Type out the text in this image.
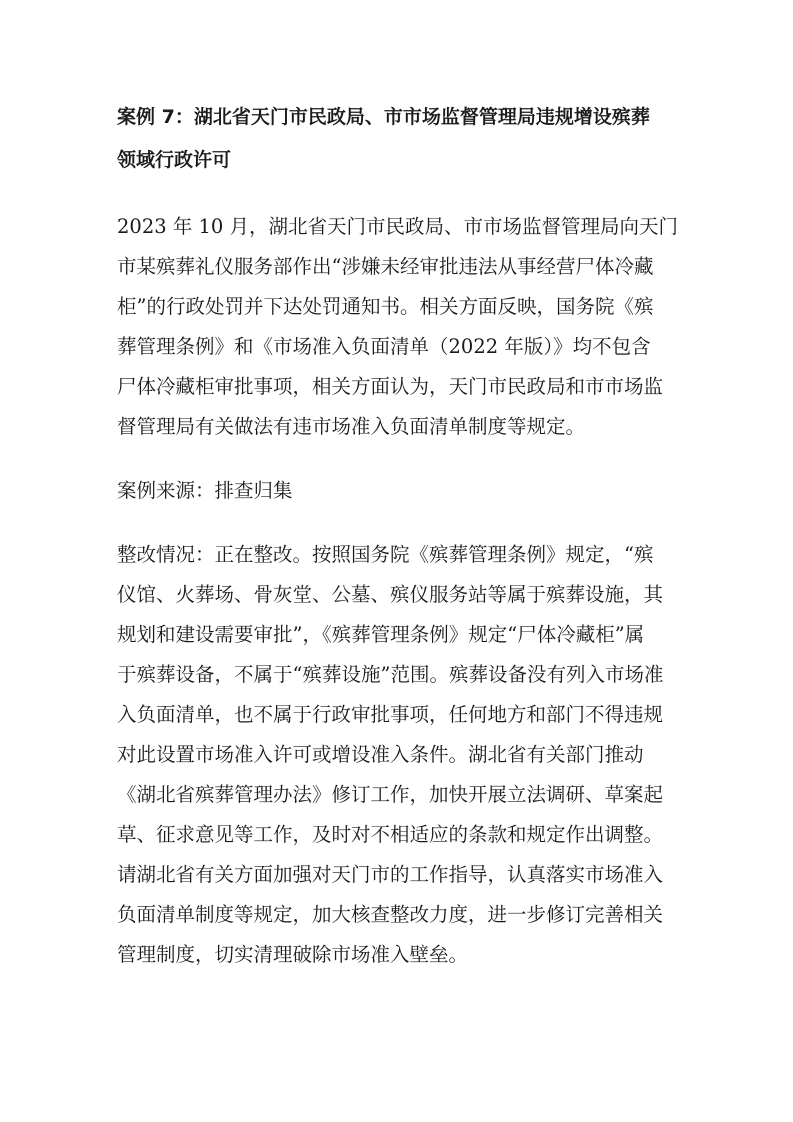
案例 7：湖北省天门市民政局、市市场监督管理局违规增设殡葬
领域行政许可
2023 年 10 月，湖北省天门市民政局、市市场监督管理局向天门
市某殡葬礼仪服务部作出“涉嫌未经审批违法从事经营尸体冷藏
柜”的行政处罚并下达处罚通知书。相关方面反映，国务院《殡
葬管理条例》和《市场准入负面清单（2022 年版）》均不包含
尸体冷藏柜审批事项，相关方面认为，天门市民政局和市市场监
督管理局有关做法有违市场准入负面清单制度等规定。
案例来源：排查归集
整改情况：正在整改。按照国务院《殡葬管理条例》规定，“殡
仪馆、火葬场、骨灰堂、公墓、殡仪服务站等属于殡葬设施，其
规划和建设需要审批”，《殡葬管理条例》规定“尸体冷藏柜”属
于殡葬设备，不属于“殡葬设施”范围。殡葬设备没有列入市场准
入负面清单，也不属于行政审批事项，任何地方和部门不得违规
对此设置市场准入许可或增设准入条件。湖北省有关部门推动
《湖北省殡葬管理办法》修订工作，加快开展立法调研、草案起
草、征求意见等工作，及时对不相适应的条款和规定作出调整。
请湖北省有关方面加强对天门市的工作指导，认真落实市场准入
负面清单制度等规定，加大核查整改力度，进一步修订完善相关
管理制度，切实清理破除市场准入壁垒。
